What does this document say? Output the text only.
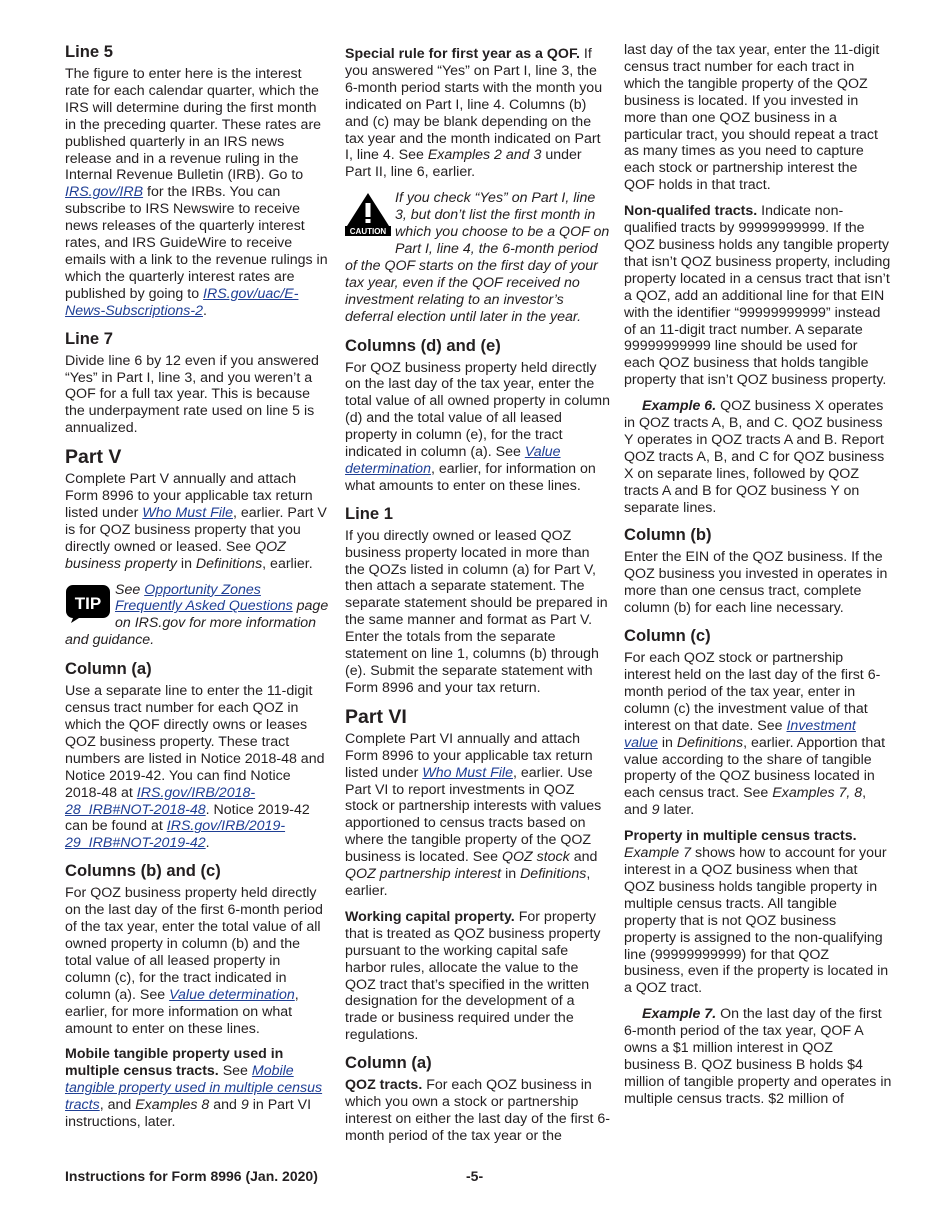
Line 5

The figure to enter here is the interest rate for each calendar quarter, which the IRS will determine during the first month in the preceding quarter. These rates are published quarterly in an IRS news release and in a revenue ruling in the Internal Revenue Bulletin (IRB). Go to IRS.gov/IRB for the IRBs. You can subscribe to IRS Newswire to receive news releases of the quarterly interest rates, and IRS GuideWire to receive emails with a link to the revenue rulings in which the quarterly interest rates are published by going to IRS.gov/uac/E-News-Subscriptions-2.

Line 7

Divide line 6 by 12 even if you answered “Yes” in Part I, line 3, and you weren’t a QOF for a full tax year. This is because the underpayment rate used on line 5 is annualized.

Part V

Complete Part V annually and attach Form 8996 to your applicable tax return listed under Who Must File, earlier. Part V is for QOZ business property that you directly owned or leased. See QOZ business property in Definitions, earlier.

TIP
See Opportunity Zones Frequently Asked Questions page on IRS.gov for more information and guidance.
Column (a)

Use a separate line to enter the 11-digit census tract number for each QOZ in which the QOF directly owns or leases QOZ business property. These tract numbers are listed in Notice 2018-48 and Notice 2019-42. You can find Notice 2018-48 at IRS.gov/IRB/2018-28_IRB#NOT-2018-48. Notice 2019-42 can be found at IRS.gov/IRB/2019-29_IRB#NOT-2019-42.

Columns (b) and (c)

For QOZ business property held directly on the last day of the first 6-month period of the tax year, enter the total value of all owned property in column (b) and the total value of all leased property in column (c), for the tract indicated in column (a). See Value determination, earlier, for more information on what amount to enter on these lines.

Mobile tangible property used in multiple census tracts. See Mobile tangible property used in multiple census tracts, and Examples 8 and 9 in Part VI instructions, later.

Special rule for first year as a QOF. If you answered “Yes” on Part I, line 3, the 6-month period starts with the month you indicated on Part I, line 4. Columns (b) and (c) may be blank depending on the tax year and the month indicated on Part I, line 4. See Examples 2 and 3 under Part II, line 6, earlier.

CAUTION
If you check “Yes” on Part I, line 3, but don’t list the first month in which you choose to be a QOF on Part I, line 4, the 6-month period of the QOF starts on the first day of your tax year, even if the QOF received no investment relating to an investor’s deferral election until later in the year.
Columns (d) and (e)

For QOZ business property held directly on the last day of the tax year, enter the total value of all owned property in column (d) and the total value of all leased property in column (e), for the tract indicated in column (a). See Value determination, earlier, for information on what amounts to enter on these lines.

Line 1

If you directly owned or leased QOZ business property located in more than the QOZs listed in column (a) for Part V, then attach a separate statement. The separate statement should be prepared in the same manner and format as Part V. Enter the totals from the separate statement on line 1, columns (b) through (e). Submit the separate statement with Form 8996 and your tax return.

Part VI

Complete Part VI annually and attach Form 8996 to your applicable tax return listed under Who Must File, earlier. Use Part VI to report investments in QOZ stock or partnership interests with values apportioned to census tracts based on where the tangible property of the QOZ business is located. See QOZ stock and QOZ partnership interest in Definitions, earlier.

Working capital property. For property that is treated as QOZ business property pursuant to the working capital safe harbor rules, allocate the value to the QOZ tract that’s specified in the written designation for the development of a trade or business required under the regulations.

Column (a)

QOZ tracts. For each QOZ business in which you own a stock or partnership interest on either the last day of the first 6-month period of the tax year or the

last day of the tax year, enter the 11-digit census tract number for each tract in which the tangible property of the QOZ business is located. If you invested in more than one QOZ business in a particular tract, you should repeat a tract as many times as you need to capture each stock or partnership interest the QOF holds in that tract.

Non-qualifed tracts. Indicate non-qualified tracts by 99999999999. If the QOZ business holds any tangible property that isn’t QOZ business property, including property located in a census tract that isn’t a QOZ, add an additional line for that EIN with the identifier “99999999999” instead of an 11-digit tract number. A separate 99999999999 line should be used for each QOZ business that holds tangible property that isn’t QOZ business property.

Example 6. QOZ business X operates in QOZ tracts A, B, and C. QOZ business Y operates in QOZ tracts A and B. Report QOZ tracts A, B, and C for QOZ business X on separate lines, followed by QOZ tracts A and B for QOZ business Y on separate lines.

Column (b)

Enter the EIN of the QOZ business. If the QOZ business you invested in operates in more than one census tract, complete column (b) for each line necessary.

Column (c)

For each QOZ stock or partnership interest held on the last day of the first 6-month period of the tax year, enter in column (c) the investment value of that interest on that date. See Investment value in Definitions, earlier. Apportion that value according to the share of tangible property of the QOZ business located in each census tract. See Examples 7, 8, and 9 later.

Property in multiple census tracts.
Example 7 shows how to account for your interest in a QOZ business when that QOZ business holds tangible property in multiple census tracts. All tangible property that is not QOZ business property is assigned to the non-qualifying line (99999999999) for that QOZ business, even if the property is located in a QOZ tract.

Example 7. On the last day of the first 6-month period of the tax year, QOF A owns a $1 million interest in QOZ business B. QOZ business B holds $4 million of tangible property and operates in multiple census tracts. $2 million of

Instructions for Form 8996 (Jan. 2020)	-5-
